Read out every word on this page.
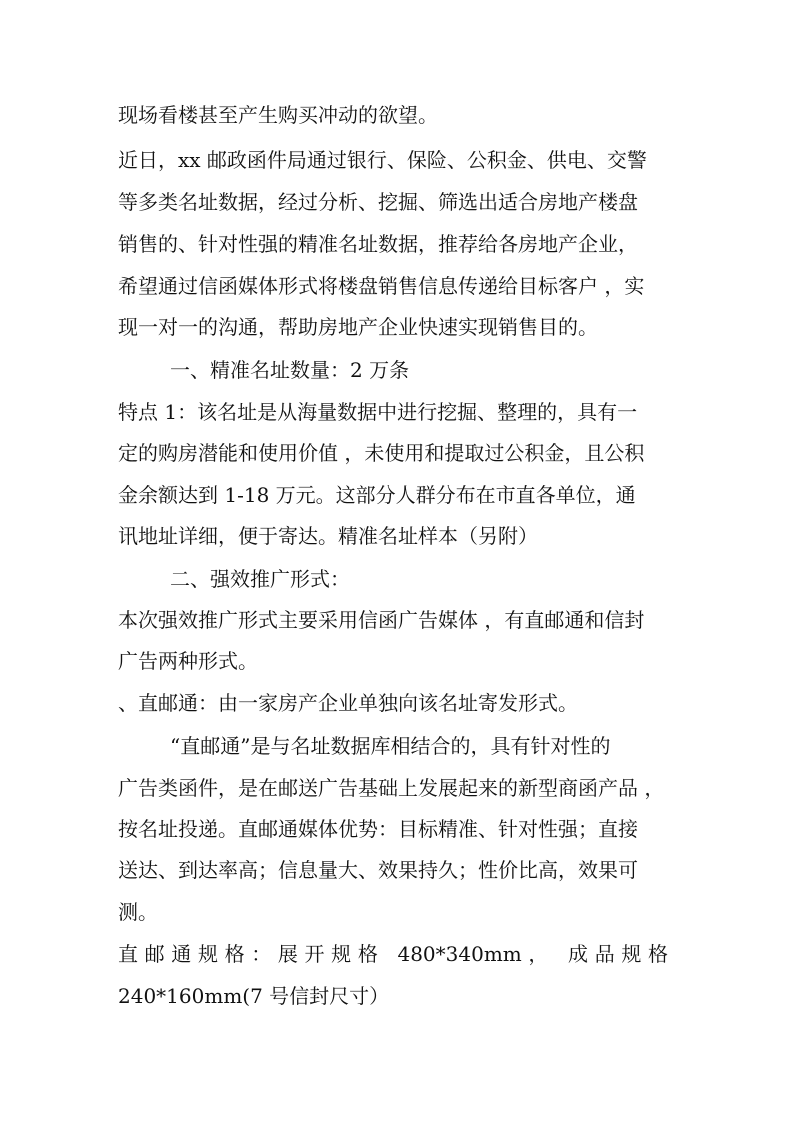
现场看楼甚至产生购买冲动的欲望。

近日，xx 邮政函件局通过银行、保险、公积金、供电、交警

等多类名址数据，经过分析、挖掘、筛选出适合房地产楼盘

销售的、针对性强的精准名址数据，推荐给各房地产企业，

希望通过信函媒体形式将楼盘销售信息传递给目标客户 ，实

现一对一的沟通，帮助房地产企业快速实现销售目的。

一、精准名址数量：2 万条

特点 1：该名址是从海量数据中进行挖掘、整理的，具有一

定的购房潜能和使用价值 ，未使用和提取过公积金，且公积

金余额达到 1-18 万元。这部分人群分布在市直各单位，通

讯地址详细，便于寄达。精准名址样本（另附）

二、强效推广形式：

本次强效推广形式主要采用信函广告媒体 ，有直邮通和信封

广告两种形式。

、直邮通：由一家房产企业单独向该名址寄发形式。

“直邮通”是与名址数据库相结合的，具有针对性的

广告类函件，是在邮送广告基础上发展起来的新型商函产品 ，

按名址投递。直邮通媒体优势：目标精准、针对性强；直接

送达、到达率高；信息量大、效果持久；性价比高，效果可

测。

直邮通规格：展开规格 480*340mm， 成品规格

240*160mm(7 号信封尺寸）
